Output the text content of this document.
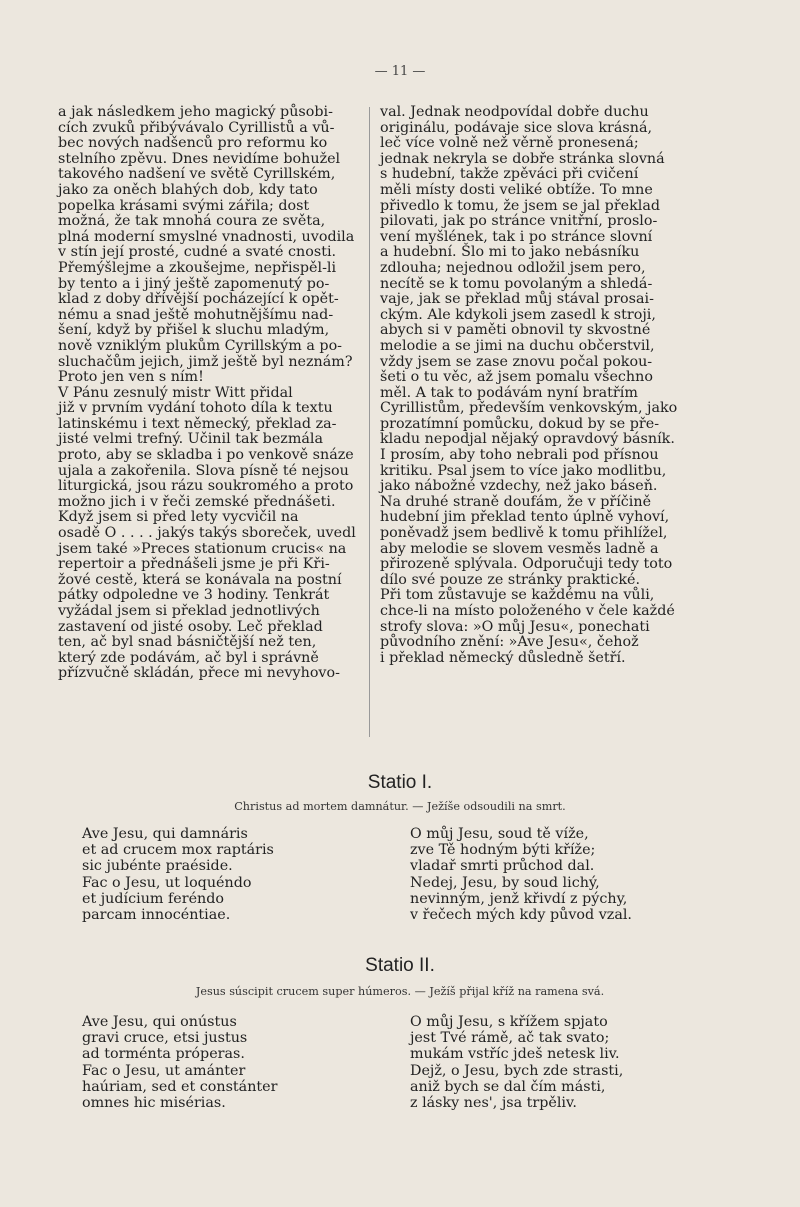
— 11 —

a jak následkem jeho magický působi-

cích zvuků přibývávalo Cyrillistů a vů-

bec nových nadšenců pro reformu ko

stelního zpěvu. Dnes nevidíme bohužel

takového nadšení ve světě Cyrillském,

jako za oněch blahých dob, kdy tato

popelka krásami svými zářila; dost

možná, že tak mnohá coura ze světa,

plná moderní smyslné vnadnosti, uvodila

v stín její prosté, cudné a svaté cnosti.

Přemýšlejme a zkoušejme, nepřispěl-li

by tento a i jiný ještě zapomenutý po-

klad z doby dřívější pocházející k opět-

nému a snad ještě mohutnějšímu nad-

šení, když by přišel k sluchu mladým,

nově vzniklým plukům Cyrillským a po-

sluchačům jejich, jimž ještě byl neznám?

Proto jen ven s ním!

V Pánu zesnulý mistr Witt přidal

již v prvním vydání tohoto díla k textu

latinskému i text německý, překlad za-

jisté velmi trefný. Učinil tak bezmála

proto, aby se skladba i po venkově snáze

ujala a zakořenila. Slova písně té nejsou

liturgická, jsou rázu soukromého a proto

možno jich i v řeči zemské přednášeti.

Když jsem si před lety vycvičil na

osadě O . . . . jakýs takýs sboreček, uvedl

jsem také »Preces stationum crucis« na

repertoir a přednášeli jsme je při Kři-

žové cestě, která se konávala na postní

pátky odpoledne ve 3 hodiny. Tenkrát

vyžádal jsem si překlad jednotlivých

zastavení od jisté osoby. Leč překlad

ten, ač byl snad básničtější než ten,

který zde podávám, ač byl i správně

přízvučně skládán, přece mi nevyhovo-

val. Jednak neodpovídal dobře duchu

originálu, podávaje sice slova krásná,

leč více volně než věrně pronesená;

jednak nekryla se dobře stránka slovná

s hudební, takže zpěváci při cvičení

měli místy dosti veliké obtíže. To mne

přivedlo k tomu, že jsem se jal překlad

pilovati, jak po stránce vnitřní, proslo-

vení myšlének, tak i po stránce slovní

a hudební. Šlo mi to jako nebásníku

zdlouha; nejednou odložil jsem pero,

necítě se k tomu povolaným a shledá-

vaje, jak se překlad můj stával prosai-

ckým. Ale kdykoli jsem zasedl k stroji,

abych si v paměti obnovil ty skvostné

melodie a se jimi na duchu občerstvil,

vždy jsem se zase znovu počal pokou-

šeti o tu věc, až jsem pomalu všechno

měl. A tak to podávám nyní bratřím

Cyrillistům, především venkovským, jako

prozatímní pomůcku, dokud by se pře-

kladu nepodjal nějaký opravdový básník.

I prosím, aby toho nebrali pod přísnou

kritiku. Psal jsem to více jako modlitbu,

jako nábožné vzdechy, než jako báseň.

Na druhé straně doufám, že v příčině

hudební jim překlad tento úplně vyhoví,

poněvadž jsem bedlivě k tomu přihlížel,

aby melodie se slovem vesměs ladně a

přirozeně splývala. Odporučuji tedy toto

dílo své pouze ze stránky praktické.

Při tom zůstavuje se každému na vůli,

chce-li na místo položeného v čele každé

strofy slova: »O můj Jesu«, ponechati

původního znění: »Ave Jesu«, čehož

i překlad německý důsledně šetří.

Statio I.
Christus ad mortem damnátur. — Ježíše odsoudili na smrt.
Ave Jesu, qui damnáris
et ad crucem mox raptáris
sic jubénte praéside.
Fac o Jesu, ut loquéndo
et judícium feréndo
parcam innocéntiae.
O můj Jesu, soud tě víže,
zve Tě hodným býti kříže;
vladař smrti průchod dal.
Nedej, Jesu, by soud lichý,
nevinným, jenž křivdí z pýchy,
v řečech mých kdy původ vzal.
Statio II.
Jesus súscipit crucem super húmeros. — Ježíš přijal kříž na ramena svá.
Ave Jesu, qui onústus
gravi cruce, etsi justus
ad torménta próperas.
Fac o Jesu, ut amánter
haúriam, sed et constánter
omnes hic misérias.
O můj Jesu, s křížem spjato
jest Tvé rámě, ač tak svato;
mukám vstříc jdeš netesk liv.
Dejž, o Jesu, bych zde strasti,
aniž bych se dal čím másti,
z lásky nes', jsa trpěliv.
